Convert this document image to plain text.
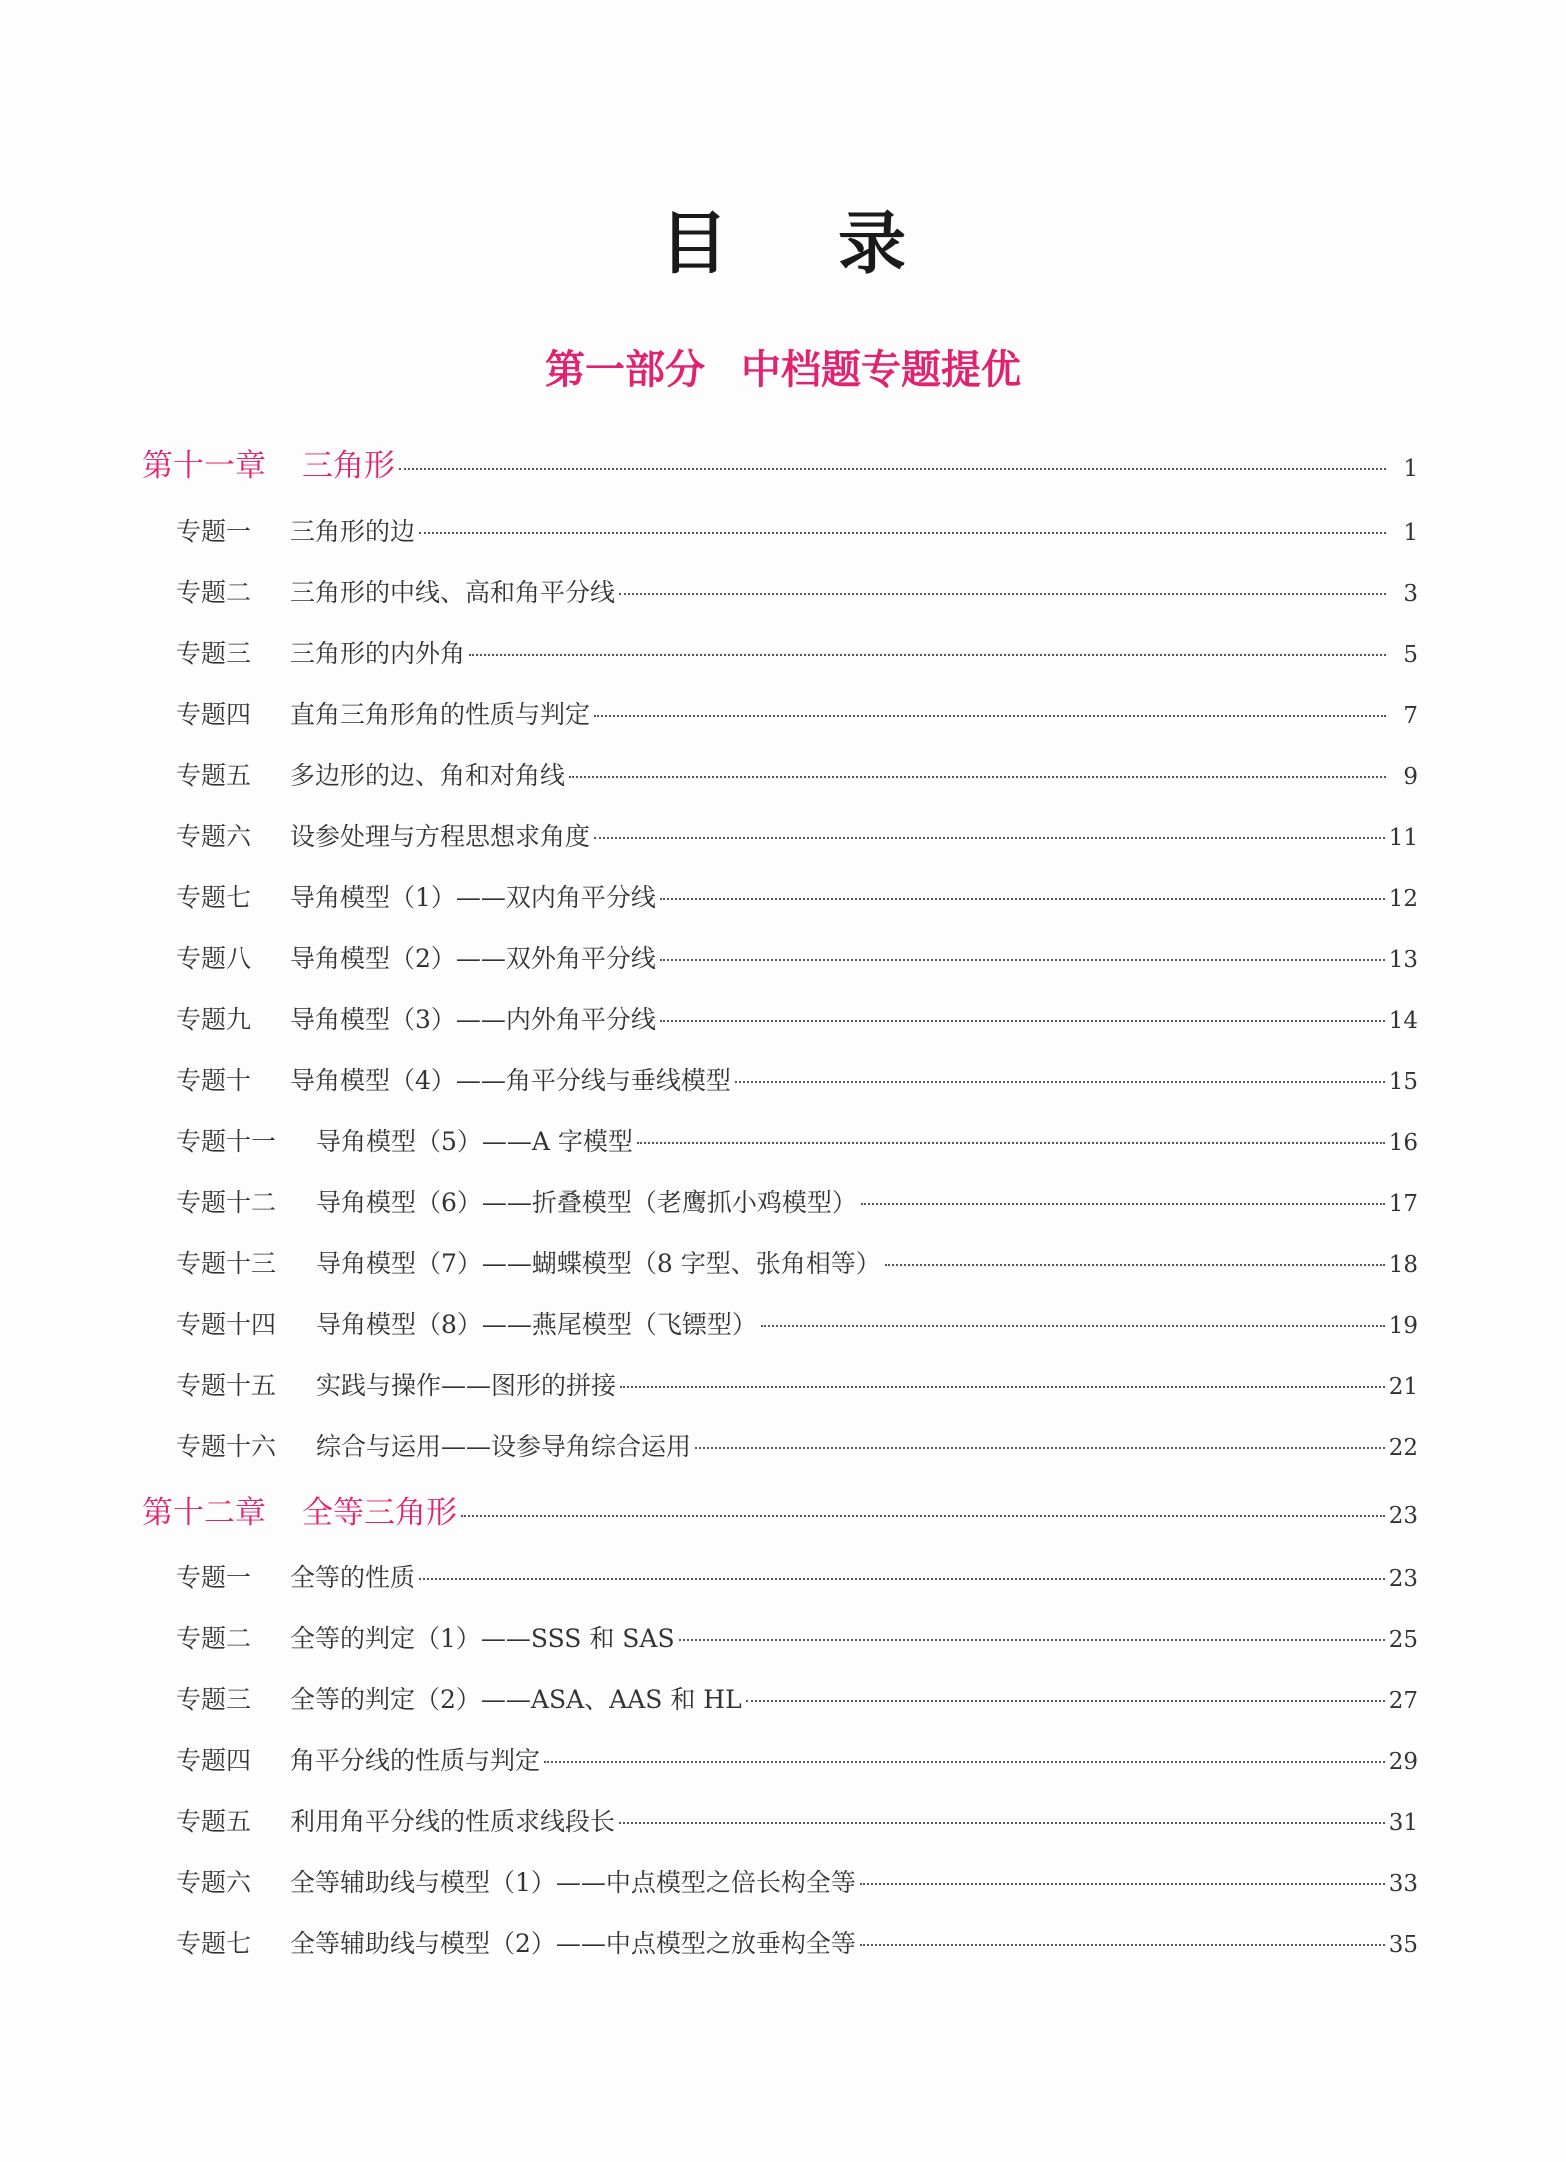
目 录
第一部分 中档题专题提优
第十一章	三角形	1
专题一	三角形的边	1
专题二	三角形的中线、高和角平分线	3
专题三	三角形的内外角	5
专题四	直角三角形角的性质与判定	7
专题五	多边形的边、角和对角线	9
专题六	设参处理与方程思想求角度	11
专题七	导角模型（1）——双内角平分线	12
专题八	导角模型（2）——双外角平分线	13
专题九	导角模型（3）——内外角平分线	14
专题十	导角模型（4）——角平分线与垂线模型	15
专题十一	导角模型（5）——A 字模型	16
专题十二	导角模型（6）——折叠模型（老鹰抓小鸡模型）	17
专题十三	导角模型（7）——蝴蝶模型（8 字型、张角相等）	18
专题十四	导角模型（8）——燕尾模型（飞镖型）	19
专题十五	实践与操作——图形的拼接	21
专题十六	综合与运用——设参导角综合运用	22
第十二章	全等三角形	23
专题一	全等的性质	23
专题二	全等的判定（1）——SSS 和 SAS	25
专题三	全等的判定（2）——ASA、AAS 和 HL	27
专题四	角平分线的性质与判定	29
专题五	利用角平分线的性质求线段长	31
专题六	全等辅助线与模型（1）——中点模型之倍长构全等	33
专题七	全等辅助线与模型（2）——中点模型之放垂构全等	35
